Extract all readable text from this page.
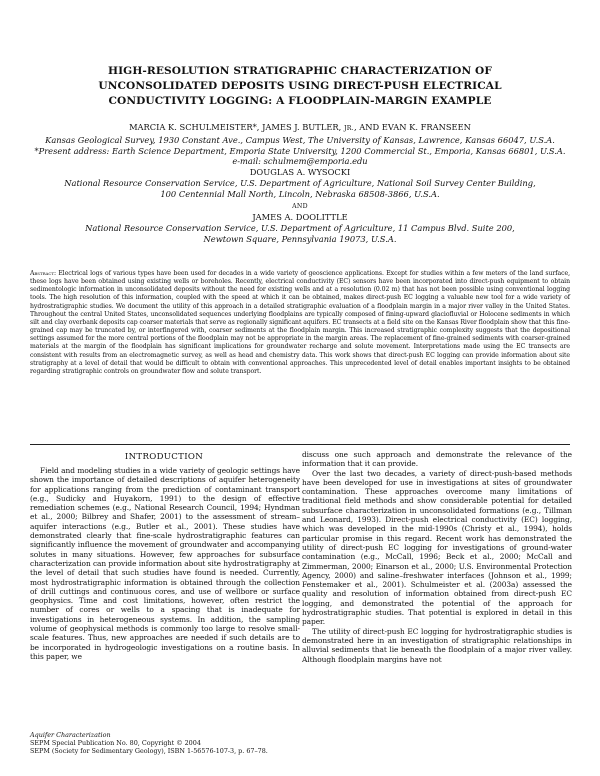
HIGH-RESOLUTION STRATIGRAPHIC CHARACTERIZATION OF
UNCONSOLIDATED DEPOSITS USING DIRECT-PUSH ELECTRICAL
CONDUCTIVITY LOGGING: A FLOODPLAIN-MARGIN EXAMPLE
MARCIA K. SCHULMEISTER*, JAMES J. BUTLER, JR., AND EVAN K. FRANSEEN
Kansas Geological Survey, 1930 Constant Ave., Campus West, The University of Kansas, Lawrence, Kansas 66047, U.S.A.
*Present address: Earth Science Department, Emporia State University, 1200 Commercial St., Emporia, Kansas 66801, U.S.A.
e-mail: schulmem@emporia.edu
DOUGLAS A. WYSOCKI
National Resource Conservation Service, U.S. Department of Agriculture, National Soil Survey Center Building,
100 Centennial Mall North, Lincoln, Nebraska 68508-3866, U.S.A.
AND
JAMES A. DOOLITTLE
National Resource Conservation Service, U.S. Department of Agriculture, 11 Campus Blvd. Suite 200,
Newtown Square, Pennsylvania 19073, U.S.A.
Abstract: Electrical logs of various types have been used for decades in a wide variety of geoscience applications. Except for studies within a few meters of the land surface, these logs have been obtained using existing wells or boreholes. Recently, electrical conductivity (EC) sensors have been incorporated into direct-push equipment to obtain sedimentologic information in unconsolidated deposits without the need for existing wells and at a resolution (0.02 m) that has not been possible using conventional logging tools. The high resolution of this information, coupled with the speed at which it can be obtained, makes direct-push EC logging a valuable new tool for a wide variety of hydrostratigraphic studies. We document the utility of this approach in a detailed stratigraphic evaluation of a floodplain margin in a major river valley in the United States. Throughout the central United States, unconsolidated sequences underlying floodplains are typically composed of fining-upward glaciofluvial or Holocene sediments in which silt and clay overbank deposits cap coarser materials that serve as regionally significant aquifers. EC transects at a field site on the Kansas River floodplain show that this fine-grained cap may be truncated by, or interfingered with, coarser sediments at the floodplain margin. This increased stratigraphic complexity suggests that the depositional settings assumed for the more central portions of the floodplain may not be appropriate in the margin areas. The replacement of fine-grained sediments with coarser-grained materials at the margin of the floodplain has significant implications for groundwater recharge and solute movement. Interpretations made using the EC transects are consistent with results from an electromagnetic survey, as well as head and chemistry data. This work shows that direct-push EC logging can provide information about site stratigraphy at a level of detail that would be difficult to obtain with conventional approaches. This unprecedented level of detail enables important insights to be obtained regarding stratigraphic controls on groundwater flow and solute transport.
INTRODUCTION

Field and modeling studies in a wide variety of geologic settings have shown the importance of detailed descriptions of aquifer heterogeneity for applications ranging from the prediction of contaminant transport (e.g., Sudicky and Huyakorn, 1991) to the design of effective remediation schemes (e.g., National Research Council, 1994; Hyndman et al., 2000; Bilbrey and Shafer, 2001) to the assessment of stream–aquifer interactions (e.g., Butler et al., 2001). These studies have demonstrated clearly that fine-scale hydrostratigraphic features can significantly influence the movement of groundwater and accompanying solutes in many situations. However, few approaches for subsurface characterization can provide information about site hydrostratigraphy at the level of detail that such studies have found is needed. Currently, most hydrostratigraphic information is obtained through the collection of drill cuttings and continuous cores, and use of wellbore or surface geophysics. Time and cost limitations, however, often restrict the number of cores or wells to a spacing that is inadequate for investigations in heterogeneous systems. In addition, the sampling volume of geophysical methods is commonly too large to resolve small-scale features. Thus, new approaches are needed if such details are to be incorporated in hydrogeologic investigations on a routine basis. In this paper, we

discuss one such approach and demonstrate the relevance of the information that it can provide.

Over the last two decades, a variety of direct-push-based methods have been developed for use in investigations at sites of groundwater contamination. These approaches overcome many limitations of traditional field methods and show considerable potential for detailed subsurface characterization in unconsolidated formations (e.g., Tillman and Leonard, 1993). Direct-push electrical conductivity (EC) logging, which was developed in the mid-1990s (Christy et al., 1994), holds particular promise in this regard. Recent work has demonstrated the utility of direct-push EC logging for investigations of ground-water contamination (e.g., McCall, 1996; Beck et al., 2000; McCall and Zimmerman, 2000; Einarson et al., 2000; U.S. Environmental Protection Agency, 2000) and saline–freshwater interfaces (Johnson et al., 1999; Fenstemaker et al., 2001). Schulmeister et al. (2003a) assessed the quality and resolution of information obtained from direct-push EC logging, and demonstrated the potential of the approach for hydrostratigraphic studies. That potential is explored in detail in this paper.

The utility of direct-push EC logging for hydrostratigraphic studies is demonstrated here in an investigation of stratigraphic relationships in alluvial sediments that lie beneath the floodplain of a major river valley. Although floodplain margins have not

Aquifer Characterization
SEPM Special Publication No. 80, Copyright © 2004
SEPM (Society for Sedimentary Geology), ISBN 1-56576-107-3, p. 67–78.
